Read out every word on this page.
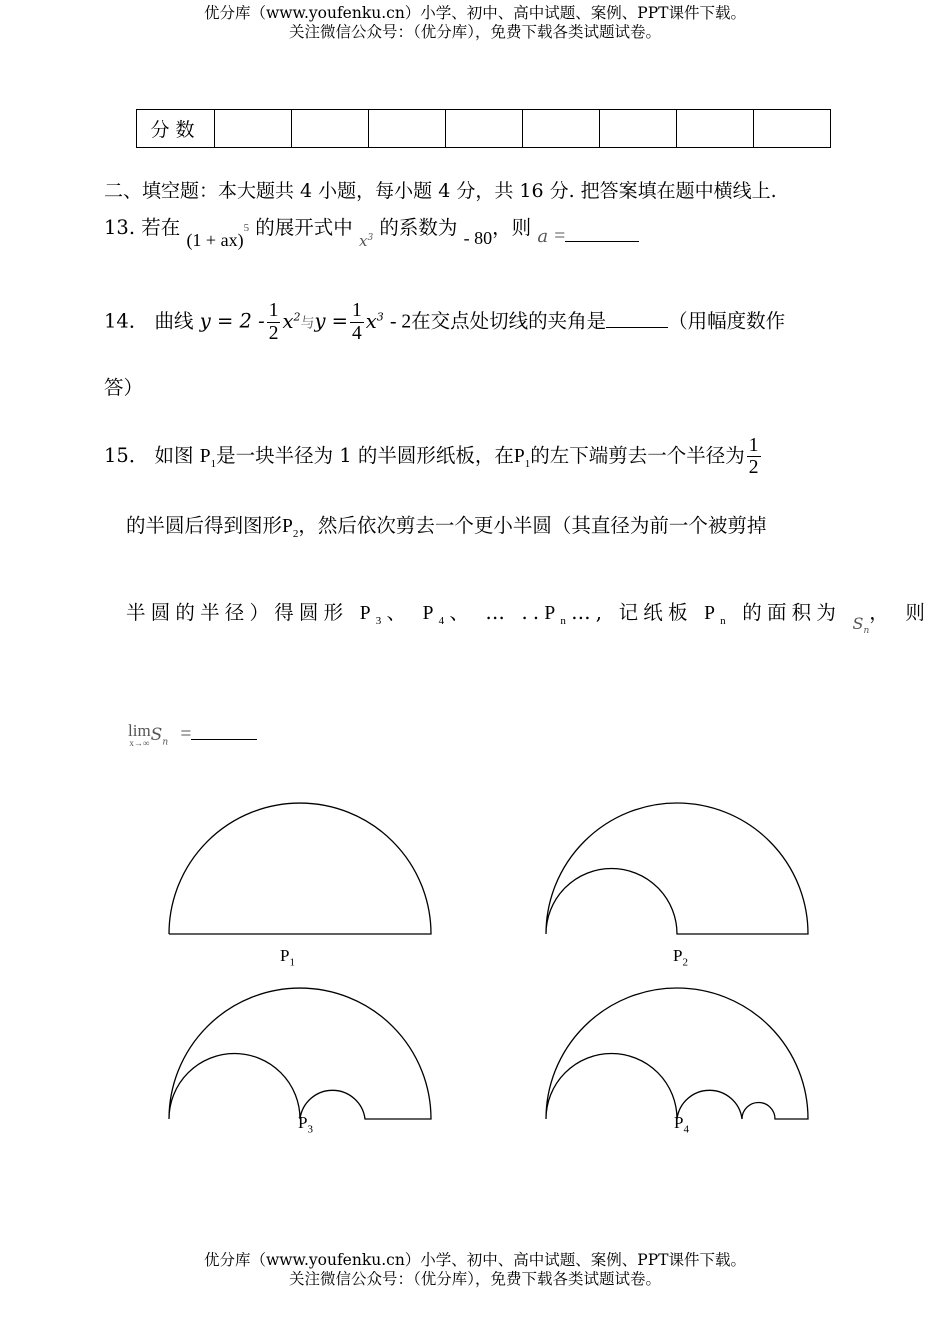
优分库（www.youfenku.cn）小学、初中、高中试题、案例、PPT课件下载。
关注微信公众号：（优分库），免费下载各类试题试卷。
分数								
二、填空题：本大题共 4 小题，每小题 4 分，共 16 分. 把答案填在题中横线上.
13. 若在 (1 + ax)$^5$ 的展开式中 $_{x^3}$ 的系数为 - 80，则 a =
14． 曲线 $y = 2 - \frac{1}{2} x^2$与$y = \frac{1}{4} x^3 - 2$在交点处切线的夹角是	（用幅度数作
答）
15． 如图 $P_1$是一块半径为 1 的半圆形纸板，在$P_1$的左下端剪去一个半径为 $\frac{1}{2}$
的半圆后得到图形$P_2$，然后依次剪去一个更小半圆（其直径为前一个被剪掉
半圆的半径）得圆形 $P_3$、 $P_4$、 … $..P_n\dots$, 记纸板 $P_n$ 的面积为 $_{S_n}$， 则
lim
x→∞ $S_n$ =
$P_1$	$P_2$
$P_3$	$P_4$
优分库（www.youfenku.cn）小学、初中、高中试题、案例、PPT课件下载。
关注微信公众号：（优分库），免费下载各类试题试卷。
